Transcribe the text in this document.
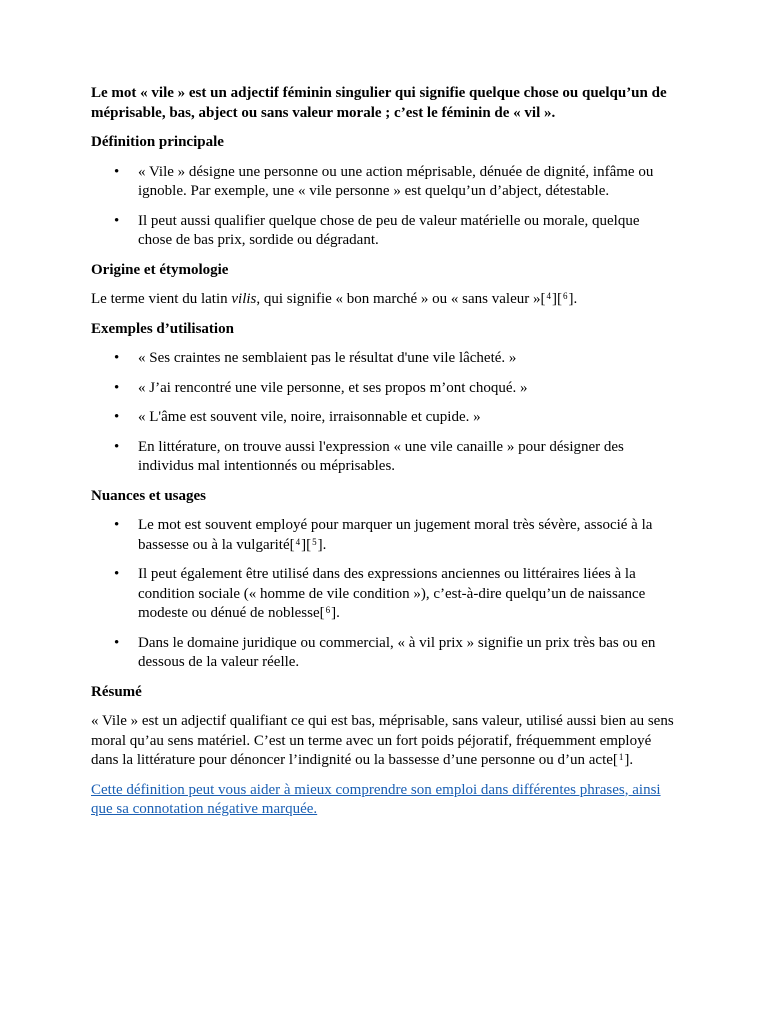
Le mot « vile » est un adjectif féminin singulier qui signifie quelque chose ou quelqu’un de méprisable, bas, abject ou sans valeur morale ; c’est le féminin de « vil ».

Définition principale
• « Vile » désigne une personne ou une action méprisable, dénuée de dignité, infâme ou ignoble. Par exemple, une « vile personne » est quelqu’un d’abject, détestable.
• Il peut aussi qualifier quelque chose de peu de valeur matérielle ou morale, quelque chose de bas prix, sordide ou dégradant.
Origine et étymologie

Le terme vient du latin vilis, qui signifie « bon marché » ou « sans valeur »[$^4$][$^6$].

Exemples d’utilisation
• « Ses craintes ne semblaient pas le résultat d'une vile lâcheté. »
• « J’ai rencontré une vile personne, et ses propos m’ont choqué. »
• « L'âme est souvent vile, noire, irraisonnable et cupide. »
• En littérature, on trouve aussi l'expression « une vile canaille » pour désigner des individus mal intentionnés ou méprisables.
Nuances et usages
• Le mot est souvent employé pour marquer un jugement moral très sévère, associé à la bassesse ou à la vulgarité[$^4$][$^5$].
• Il peut également être utilisé dans des expressions anciennes ou littéraires liées à la condition sociale (« homme de vile condition »), c’est-à-dire quelqu’un de naissance modeste ou dénué de noblesse[$^6$].
• Dans le domaine juridique ou commercial, « à vil prix » signifie un prix très bas ou en dessous de la valeur réelle.
Résumé

« Vile » est un adjectif qualifiant ce qui est bas, méprisable, sans valeur, utilisé aussi bien au sens moral qu’au sens matériel. C’est un terme avec un fort poids péjoratif, fréquemment employé dans la littérature pour dénoncer l’indignité ou la bassesse d’une personne ou d’un acte[$^1$].

Cette définition peut vous aider à mieux comprendre son emploi dans différentes phrases, ainsi que sa connotation négative marquée.
